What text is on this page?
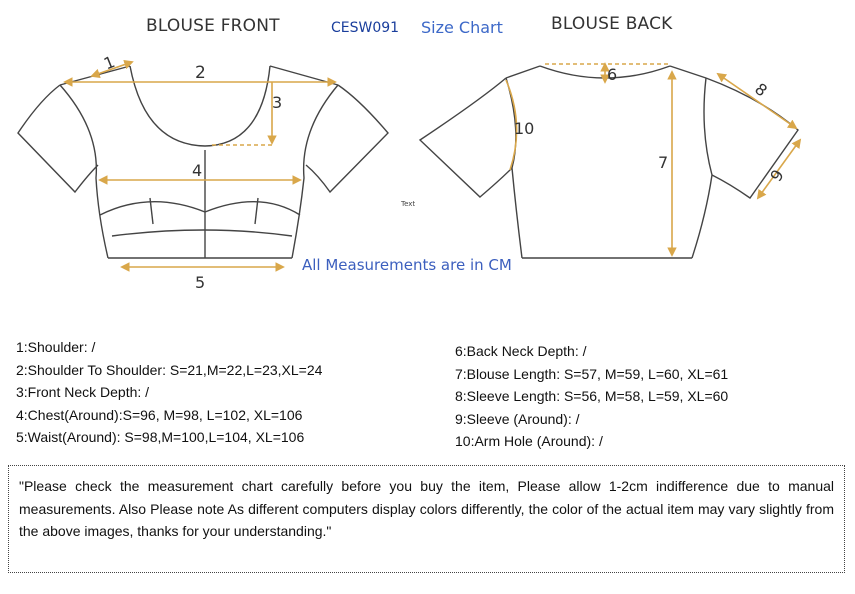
BLOUSE FRONT	CESW091 Size Chart	BLOUSE BACK
1	2
3
4
5
6
7
8
9
10
Text
All Measurements are in CM
1:Shoulder: /
2:Shoulder To Shoulder: S=21,M=22,L=23,XL=24
3:Front Neck Depth: /
4:Chest(Around):S=96, M=98, L=102, XL=106
5:Waist(Around): S=98,M=100,L=104, XL=106
6:Back Neck Depth: /
7:Blouse Length: S=57, M=59, L=60, XL=61
8:Sleeve Length: S=56, M=58, L=59, XL=60
9:Sleeve (Around): /
10:Arm Hole (Around): /
"Please check the measurement chart carefully before you buy the item, Please allow 1-2cm indifference due to manual measurements. Also Please note As different computers display colors differently, the color of the actual item may vary slightly from the above images, thanks for your understanding."
